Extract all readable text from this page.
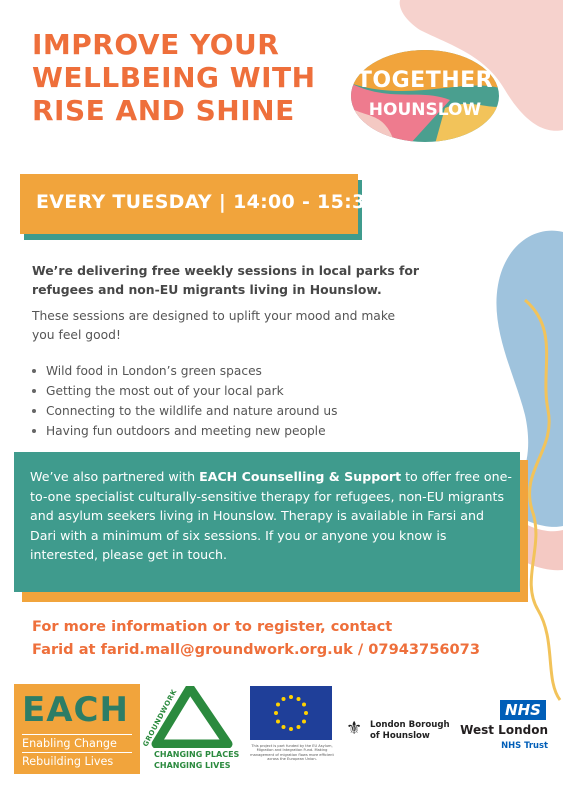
IMPROVE YOUR
WELLBEING WITH
RISE AND SHINE
TOGETHER
HOUNSLOW
EVERY TUESDAY | 14:00 - 15:30

We’re delivering free weekly sessions in local parks for refugees and non-EU migrants living in Hounslow.

These sessions are designed to uplift your mood and make you feel good!

Wild food in London’s green spaces
Getting the most out of your local park
Connecting to the wildlife and nature around us
Having fun outdoors and meeting new people

We’ve also partnered with EACH Counselling & Support to offer free one-to-one specialist culturally-sensitive therapy for refugees, non-EU migrants and asylum seekers living in Hounslow. Therapy is available in Farsi and Dari with a minimum of six sessions. If you or anyone you know is interested, please get in touch.

For more information or to register, contact
Farid at farid.mall@groundwork.org.uk / 07943756073
EACH
Enabling Change
Rebuilding Lives
GROUNDWORK
CHANGING PLACES
CHANGING LIVES
This project is part funded by the EU Asylum, Migration and Integration Fund. Making management of migration flows more efficient across the European Union.
⚜ London Borough
of Hounslow
NHS
West London
NHS Trust
